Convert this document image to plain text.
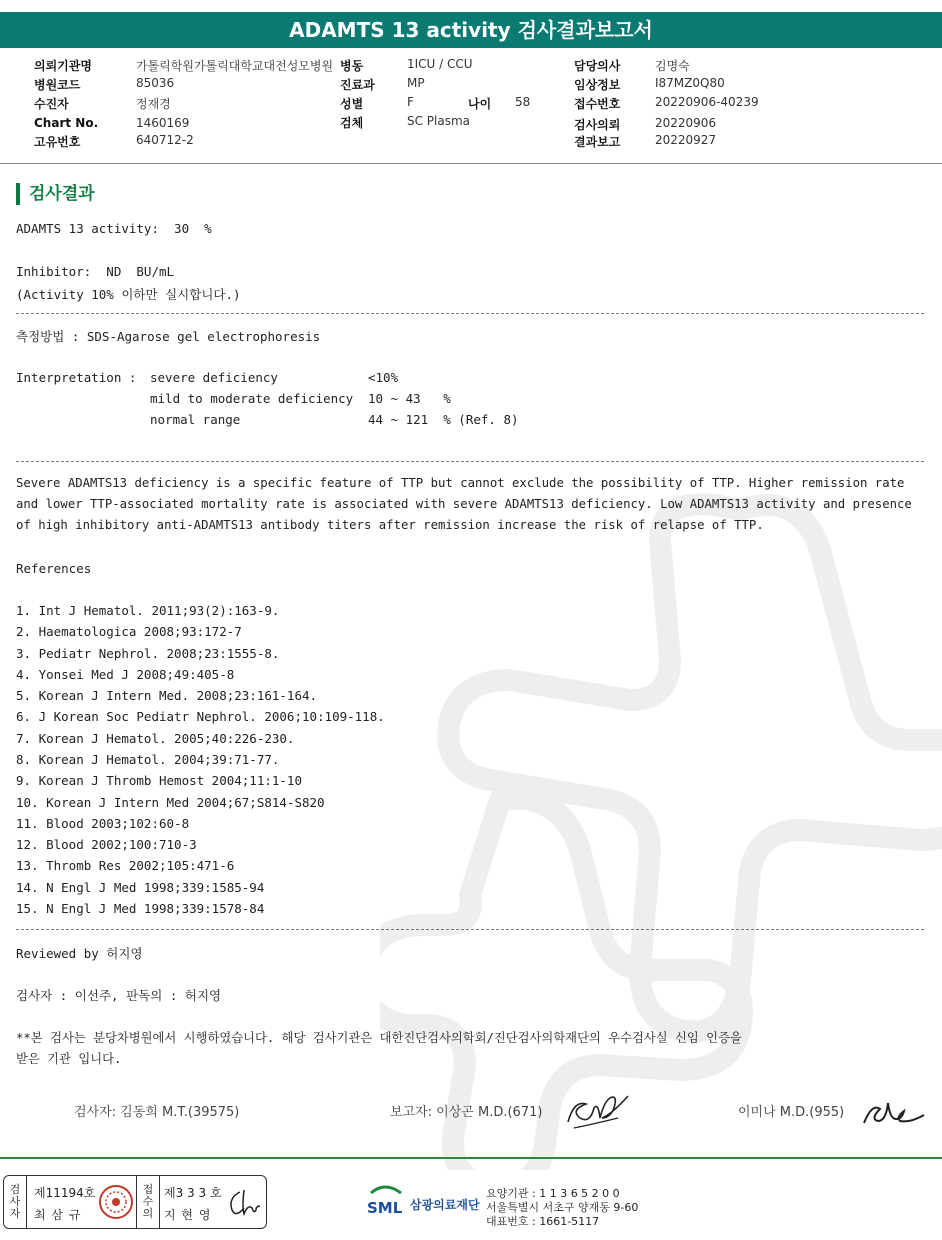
ADAMTS 13 activity 검사결과보고서
의뢰기관명	가톨릭학원가톨릭대학교대전성모병원 병동	1ICU / CCU	담당의사	김명숙
병원코드	85036	진료과	MP	임상정보	I87MZ0Q80
수진자	정재경	성별	F	나이 58	접수번호	20220906-40239
Chart No.	1460169	검체	SC Plasma	검사의뢰	20220906
고유번호	640712-2	결과보고	20220927
검사결과
ADAMTS 13 activity:  30  %
Inhibitor:  ND  BU/mL
(Activity 10% 이하만 실시합니다.)
측정방법 : SDS-Agarose gel electrophoresis
Interpretation : severe deficiency	<10%
mild to moderate deficiency 10 ~ 43   %
normal range	44 ~ 121  % (Ref. 8)
Severe ADAMTS13 deficiency is a specific feature of TTP but cannot exclude the possibility of TTP. Higher remission rate
and lower TTP-associated mortality rate is associated with severe ADAMTS13 deficiency. Low ADAMTS13 activity and presence
of high inhibitory anti-ADAMTS13 antibody titers after remission increase the risk of relapse of TTP.
References
1. Int J Hematol. 2011;93(2):163-9.
2. Haematologica 2008;93:172-7
3. Pediatr Nephrol. 2008;23:1555-8.
4. Yonsei Med J 2008;49:405-8
5. Korean J Intern Med. 2008;23:161-164.
6. J Korean Soc Pediatr Nephrol. 2006;10:109-118.
7. Korean J Hematol. 2005;40:226-230.
8. Korean J Hematol. 2004;39:71-77.
9. Korean J Thromb Hemost 2004;11:1-10
10. Korean J Intern Med 2004;67;S814-S820
11. Blood 2003;102:60-8
12. Blood 2002;100:710-3
13. Thromb Res 2002;105:471-6
14. N Engl J Med 1998;339:1585-94
15. N Engl J Med 1998;339:1578-84
Reviewed by 허지영
검사자 : 이선주, 판독의 : 허지영
**본 검사는 분당차병원에서 시행하였습니다. 해당 검사기관은 대한진단검사의학회/진단검사의학재단의 우수검사실 신임 인증을
받은 기관 입니다.
검사자: 김동희 M.T.(39575)	보고자: 이상곤 M.D.(671)	이미나 M.D.(955)
검사자
제11194호
최 삼 규
접수의
제3 3 3 호
지 현 영	SML 삼광의료재단
요양기관 : 1 1 3 6 5 2 0 0
서울특별시 서초구 양재동 9-60
대표번호 : 1661-5117
